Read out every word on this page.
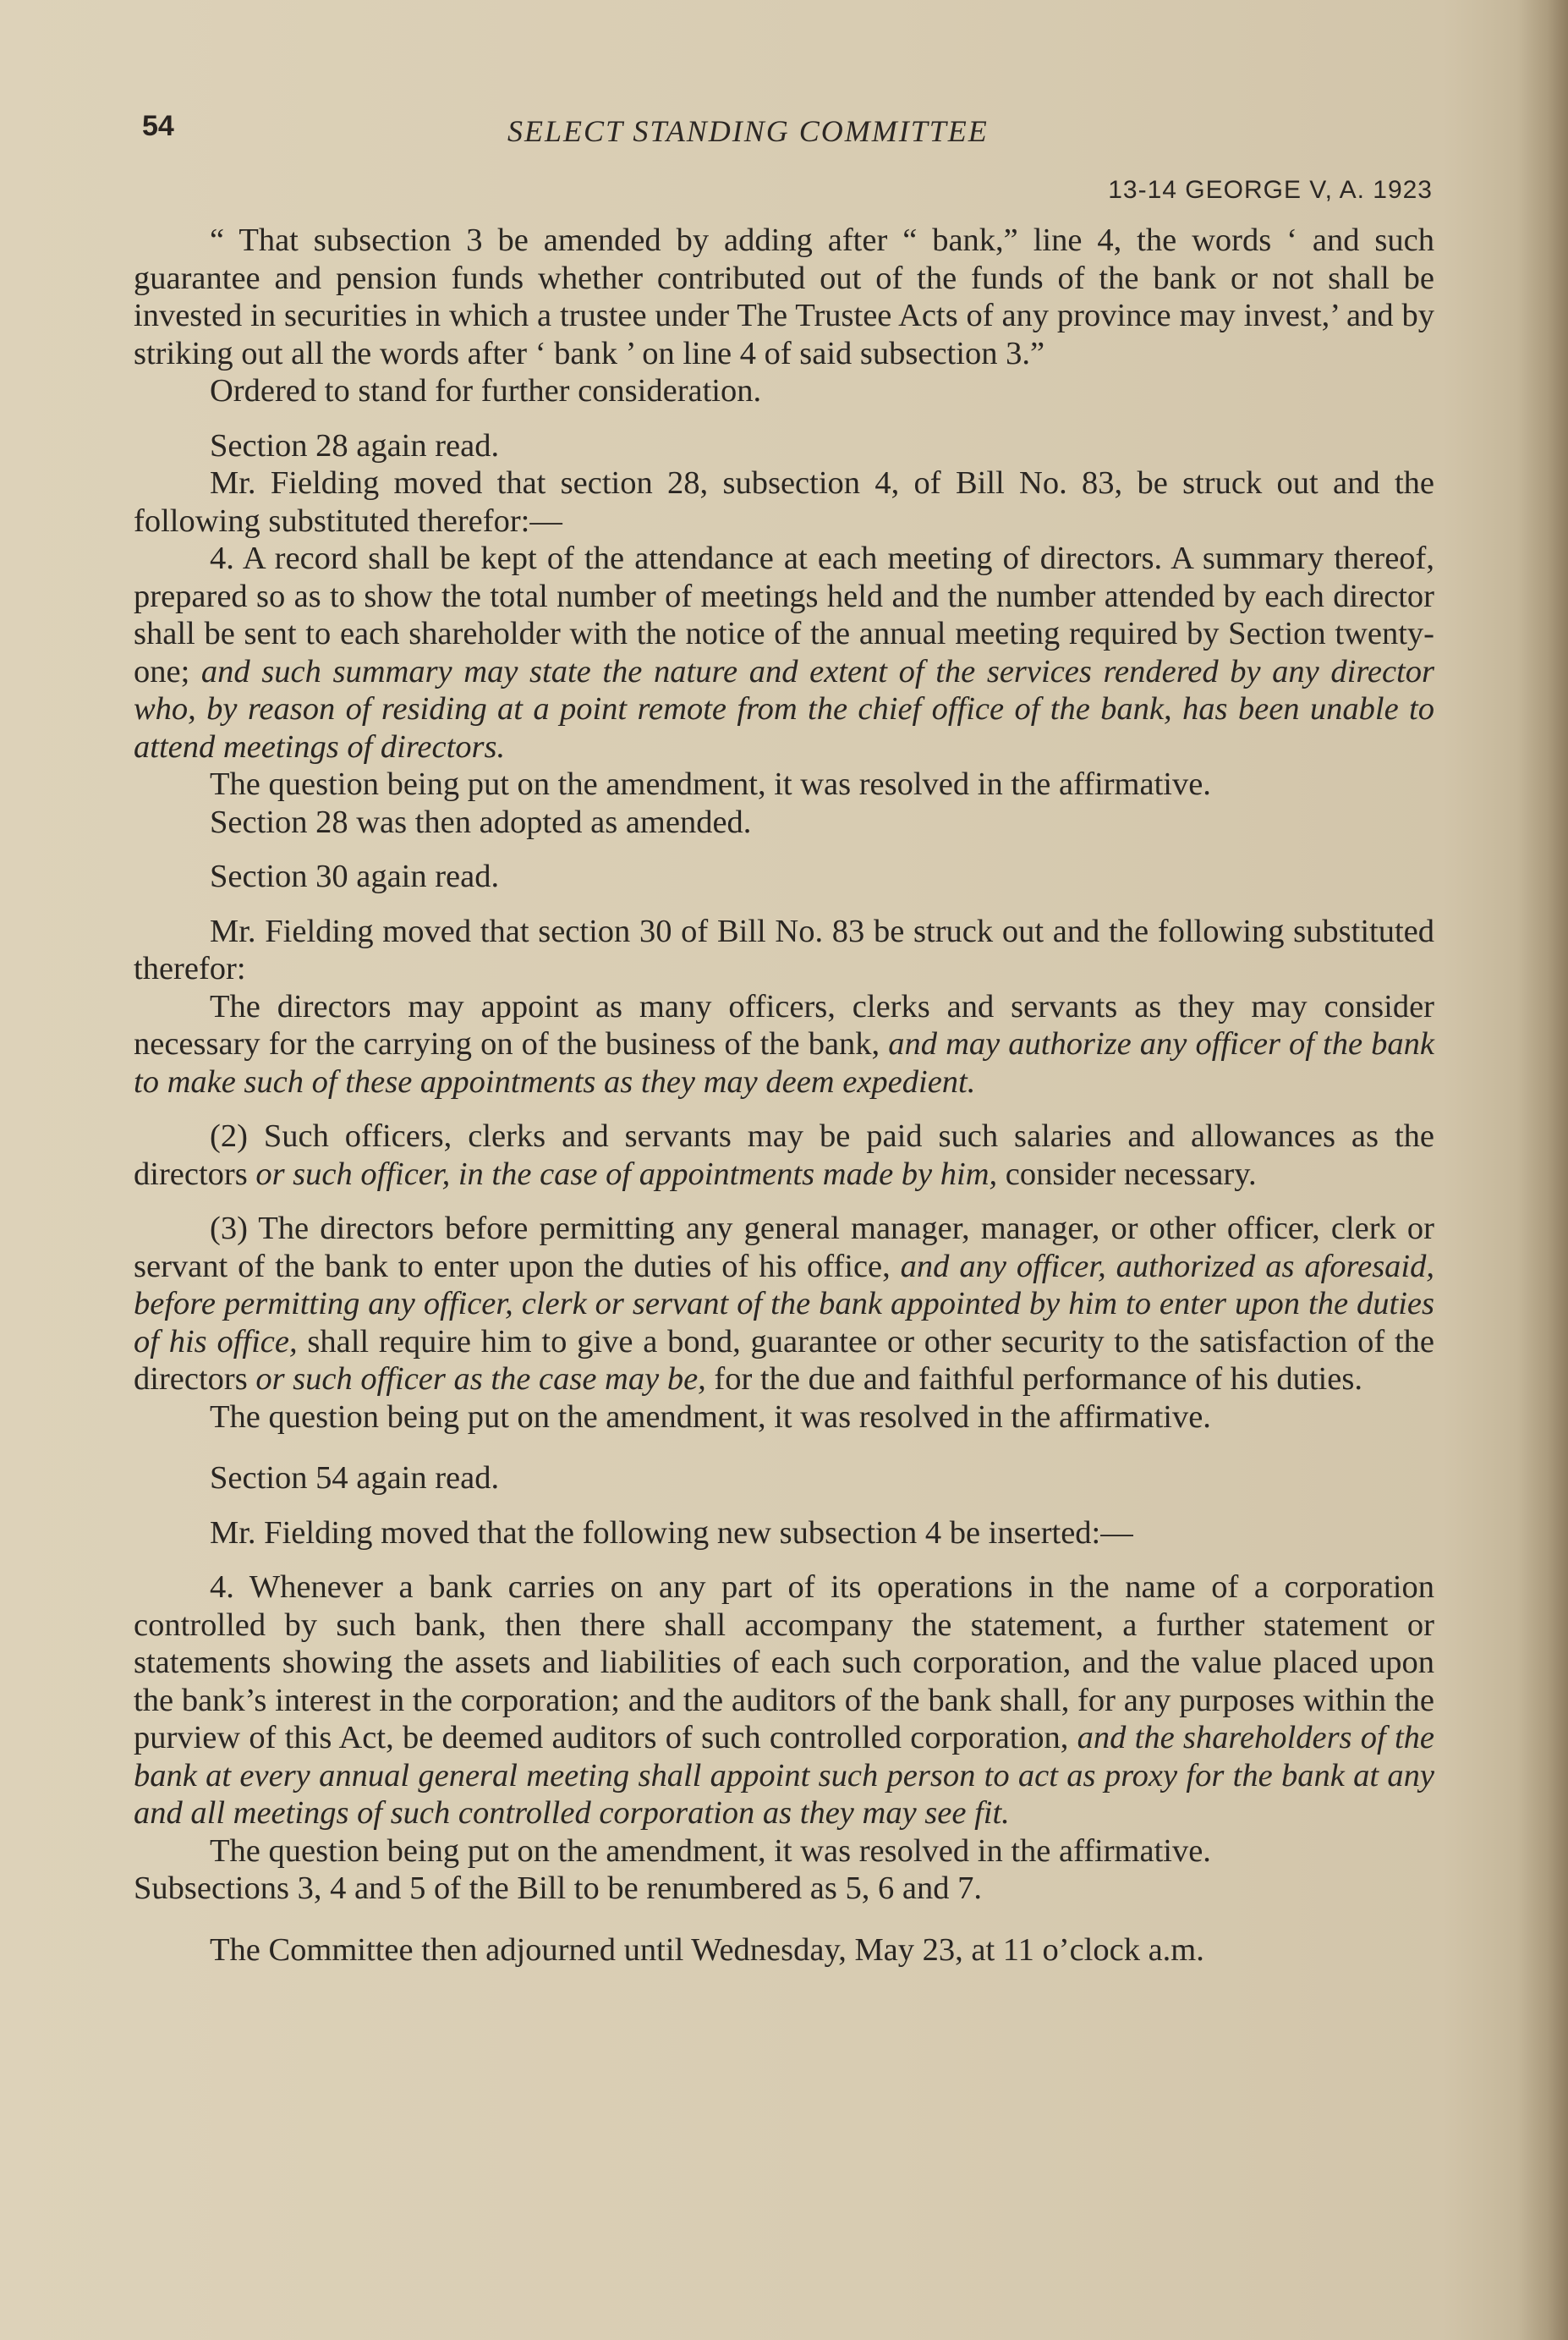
54	SELECT STANDING COMMITTEE
13-14 GEORGE V, A. 1923

“ That subsection 3 be amended by adding after “ bank,” line 4, the words ‘ and such guarantee and pension funds whether contributed out of the funds of the bank or not shall be invested in securities in which a trustee under The Trustee Acts of any province may invest,’ and by striking out all the words after ‘ bank ’ on line 4 of said subsection 3.”

Ordered to stand for further consideration.

Section 28 again read.

Mr. Fielding moved that section 28, subsection 4, of Bill No. 83, be struck out and the following substituted therefor:—

4. A record shall be kept of the attendance at each meeting of directors. A summary thereof, prepared so as to show the total number of meetings held and the number attended by each director shall be sent to each shareholder with the notice of the annual meeting required by Section twenty-one; and such summary may state the nature and extent of the services rendered by any director who, by reason of residing at a point remote from the chief office of the bank, has been unable to attend meetings of directors.

The question being put on the amendment, it was resolved in the affirmative.

Section 28 was then adopted as amended.

Section 30 again read.

Mr. Fielding moved that section 30 of Bill No. 83 be struck out and the following substituted therefor:

The directors may appoint as many officers, clerks and servants as they may consider necessary for the carrying on of the business of the bank, and may authorize any officer of the bank to make such of these appointments as they may deem expedient.

(2) Such officers, clerks and servants may be paid such salaries and allowances as the directors or such officer, in the case of appointments made by him, consider necessary.

(3) The directors before permitting any general manager, manager, or other officer, clerk or servant of the bank to enter upon the duties of his office, and any officer, authorized as aforesaid, before permitting any officer, clerk or servant of the bank appointed by him to enter upon the duties of his office, shall require him to give a bond, guarantee or other security to the satisfaction of the directors or such officer as the case may be, for the due and faithful performance of his duties.

The question being put on the amendment, it was resolved in the affirmative.

Section 54 again read.

Mr. Fielding moved that the following new subsection 4 be inserted:—

4. Whenever a bank carries on any part of its operations in the name of a corporation controlled by such bank, then there shall accompany the statement, a further statement or statements showing the assets and liabilities of each such corporation, and the value placed upon the bank’s interest in the corporation; and the auditors of the bank shall, for any purposes within the purview of this Act, be deemed auditors of such controlled corporation, and the shareholders of the bank at every annual general meeting shall appoint such person to act as proxy for the bank at any and all meetings of such controlled corporation as they may see fit.

The question being put on the amendment, it was resolved in the affirmative.

Subsections 3, 4 and 5 of the Bill to be renumbered as 5, 6 and 7.

The Committee then adjourned until Wednesday, May 23, at 11 o’clock a.m.
